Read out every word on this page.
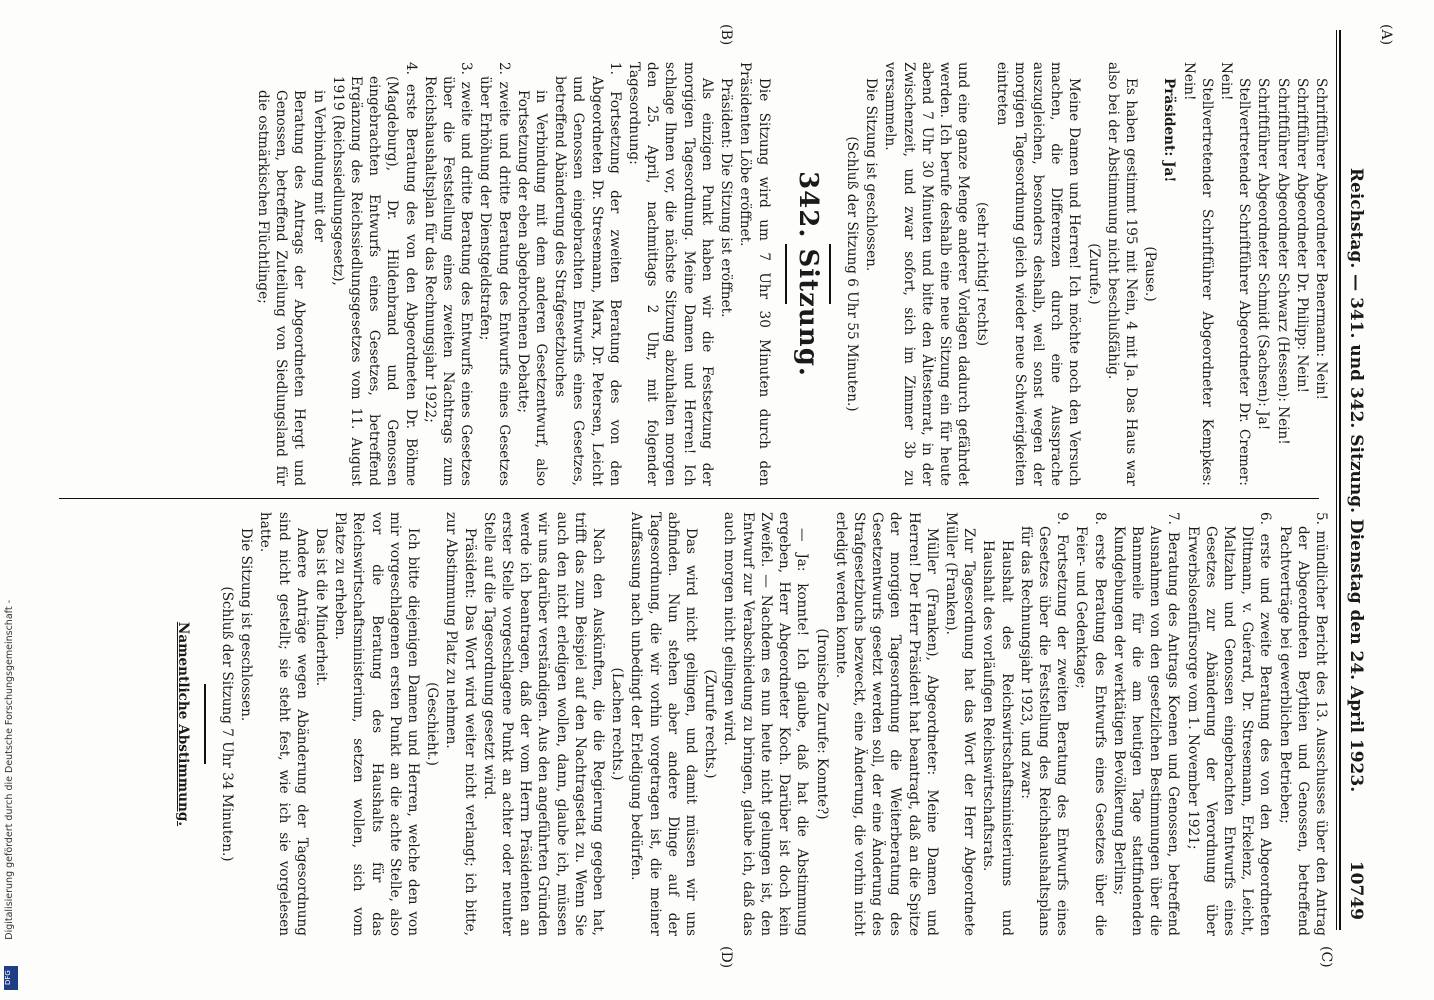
Reichstag. — 341. und 342. Sitzung. Dienstag den 24. April 1923.
10749
(A)
(B)
(C)
(D)

Schriftführer Abgeordneter Benermann: Nein!

Schriftführer Abgeordneter Dr. Philipp: Nein!

Schriftführer Abgeordneter Schwarz (Hessen): Nein!

Schriftführer Abgeordneter Schmidt (Sachsen): Ja!

Stellvertretender Schriftführer Abgeordneter Dr. Cremer: Nein!

Stellvertretender Schriftführer Abgeordneter Kempkes: Nein!

Präsident: Ja!

(Pause.)

Es haben gestimmt 195 mit Nein, 4 mit Ja. Das Haus war also bei der Abstimmung nicht beschlußfähig.

(Zurufe.)

Meine Damen und Herren! Ich möchte noch den Versuch machen, die Differenzen durch eine Aussprache auszugleichen, besonders deshalb, weil sonst wegen der morgigen Tagesordnung gleich wieder neue Schwierigkeiten eintreten

(sehr richtig! rechts)

und eine ganze Menge anderer Vorlagen dadurch gefährdet werden. Ich berufe deshalb eine neue Sitzung ein für heute abend 7 Uhr 30 Minuten und bitte den Ältestenrat, in der Zwischenzeit, und zwar sofort, sich im Zimmer 3b zu versammeln.

Die Sitzung ist geschlossen.

(Schluß der Sitzung 6 Uhr 55 Minuten.)

342. Sitzung.

Die Sitzung wird um 7 Uhr 30 Minuten durch den Präsidenten Löbe eröffnet.

Präsident: Die Sitzung ist eröffnet.

Als einzigen Punkt haben wir die Festsetzung der morgigen Tagesordnung. Meine Damen und Herren! Ich schlage Ihnen vor, die nächste Sitzung abzuhalten morgen den 25. April, nachmittags 2 Uhr, mit folgender Tagesordnung:

1. Fortsetzung der zweiten Beratung des von den Abgeordneten Dr. Stresemann, Marx, Dr. Petersen, Leicht und Genossen eingebrachten Entwurfs eines Gesetzes, betreffend Abänderung des Strafgesetzbuches

in Verbindung mit dem anderen Gesetzentwurf, also Fortsetzung der eben abgebrochenen Debatte;

2. zweite und dritte Beratung des Entwurfs eines Gesetzes über Erhöhung der Dienstgeldstrafen;

3. zweite und dritte Beratung des Entwurfs eines Gesetzes über die Feststellung eines zweiten Nachtrags zum Reichshaushaltsplan für das Rechnungsjahr 1922;

4. erste Beratung des von den Abgeordneten Dr. Böhme (Magdeburg), Dr. Hildenbrand und Genossen eingebrachten Entwurfs eines Gesetzes, betreffend Ergänzung des Reichssiedlungsgesetzes vom 11. August 1919 (Reichssiedlungsgesetz),

in Verbindung mit der

Beratung des Antrags der Abgeordneten Hergt und Genossen, betreffend Zuteilung von Siedlungsland für die ostmärkischen Flüchtlinge;

5. mündlicher Bericht des 13. Ausschusses über den Antrag der Abgeordneten Beythien und Genossen, betreffend Pachtverträge bei gewerblichen Betrieben;

6. erste und zweite Beratung des von den Abgeordneten Dittmann, v. Guérard, Dr. Stresemann, Erkelenz, Leicht, Maltzahn und Genossen eingebrachten Entwurfs eines Gesetzes zur Abänderung der Verordnung über Erwerbslosenfürsorge vom 1. November 1921;

7. Beratung des Antrags Koenen und Genossen, betreffend Ausnahmen von den gesetzlichen Bestimmungen über die Bannmeile für die am heutigen Tage stattfindenden Kundgebungen der werktätigen Bevölkerung Berlins;

8. erste Beratung des Entwurfs eines Gesetzes über die Feier- und Gedenktage;

9. Fortsetzung der zweiten Beratung des Entwurfs eines Gesetzes über die Feststellung des Reichshaushaltsplans für das Rechnungsjahr 1923, und zwar:

Haushalt des Reichswirtschaftsministeriums und Haushalt des vorläufigen Reichswirtschaftsrats.

Zur Tagesordnung hat das Wort der Herr Abgeordnete Müller (Franken).

Müller (Franken), Abgeordneter: Meine Damen und Herren! Der Herr Präsident hat beantragt, daß an die Spitze der morgigen Tagesordnung die Weiterberatung des Gesetzentwurfs gesetzt werden soll, der eine Änderung des Strafgesetzbuchs bezweckt, eine Änderung, die vorhin nicht erledigt werden konnte.

(Ironische Zurufe: Konnte?)

— Ja: konnte! Ich glaube, daß hat die Abstimmung ergeben, Herr Abgeordneter Koch. Darüber ist doch kein Zweifel. — Nachdem es nun heute nicht gelungen ist, den Entwurf zur Verabschiedung zu bringen, glaube ich, daß das auch morgen nicht gelingen wird.

(Zurufe rechts.)

Das wird nicht gelingen, und damit müssen wir uns abfinden. Nun stehen aber andere Dinge auf der Tagesordnung, die wir vorhin vorgetragen ist, die meiner Auffassung nach unbedingt der Erledigung bedürfen.

(Lachen rechts.)

Nach den Auskünften, die die Regierung gegeben hat, trifft das zum Beispiel auf den Nachtragsetat zu. Wenn Sie auch den nicht erledigen wollen, dann, glaube ich, müssen wir uns darüber verständigen. Aus den angeführten Gründen werde ich beantragen, daß der vom Herrn Präsidenten an erster Stelle vorgeschlagene Punkt an achter oder neunter Stelle auf die Tagesordnung gesetzt wird.

Präsident: Das Wort wird weiter nicht verlangt; ich bitte, zur Abstimmung Platz zu nehmen.

(Geschieht.)

Ich bitte diejenigen Damen und Herren, welche den von mir vorgeschlagenen ersten Punkt an die achte Stelle, also vor die Beratung des Haushalts für das Reichswirtschaftsministerium, setzen wollen, sich vom Platze zu erheben.

Das ist die Minderheit.

Andere Anträge wegen Abänderung der Tagesordnung sind nicht gestellt; sie steht fest, wie ich sie vorgelesen hatte.

Die Sitzung ist geschlossen.

(Schluß der Sitzung 7 Uhr 34 Minuten.)

Namentliche Abstimmung.

Digitalisierung gefördert durch die Deutsche Forschungsgemeinschaft -
DFG
